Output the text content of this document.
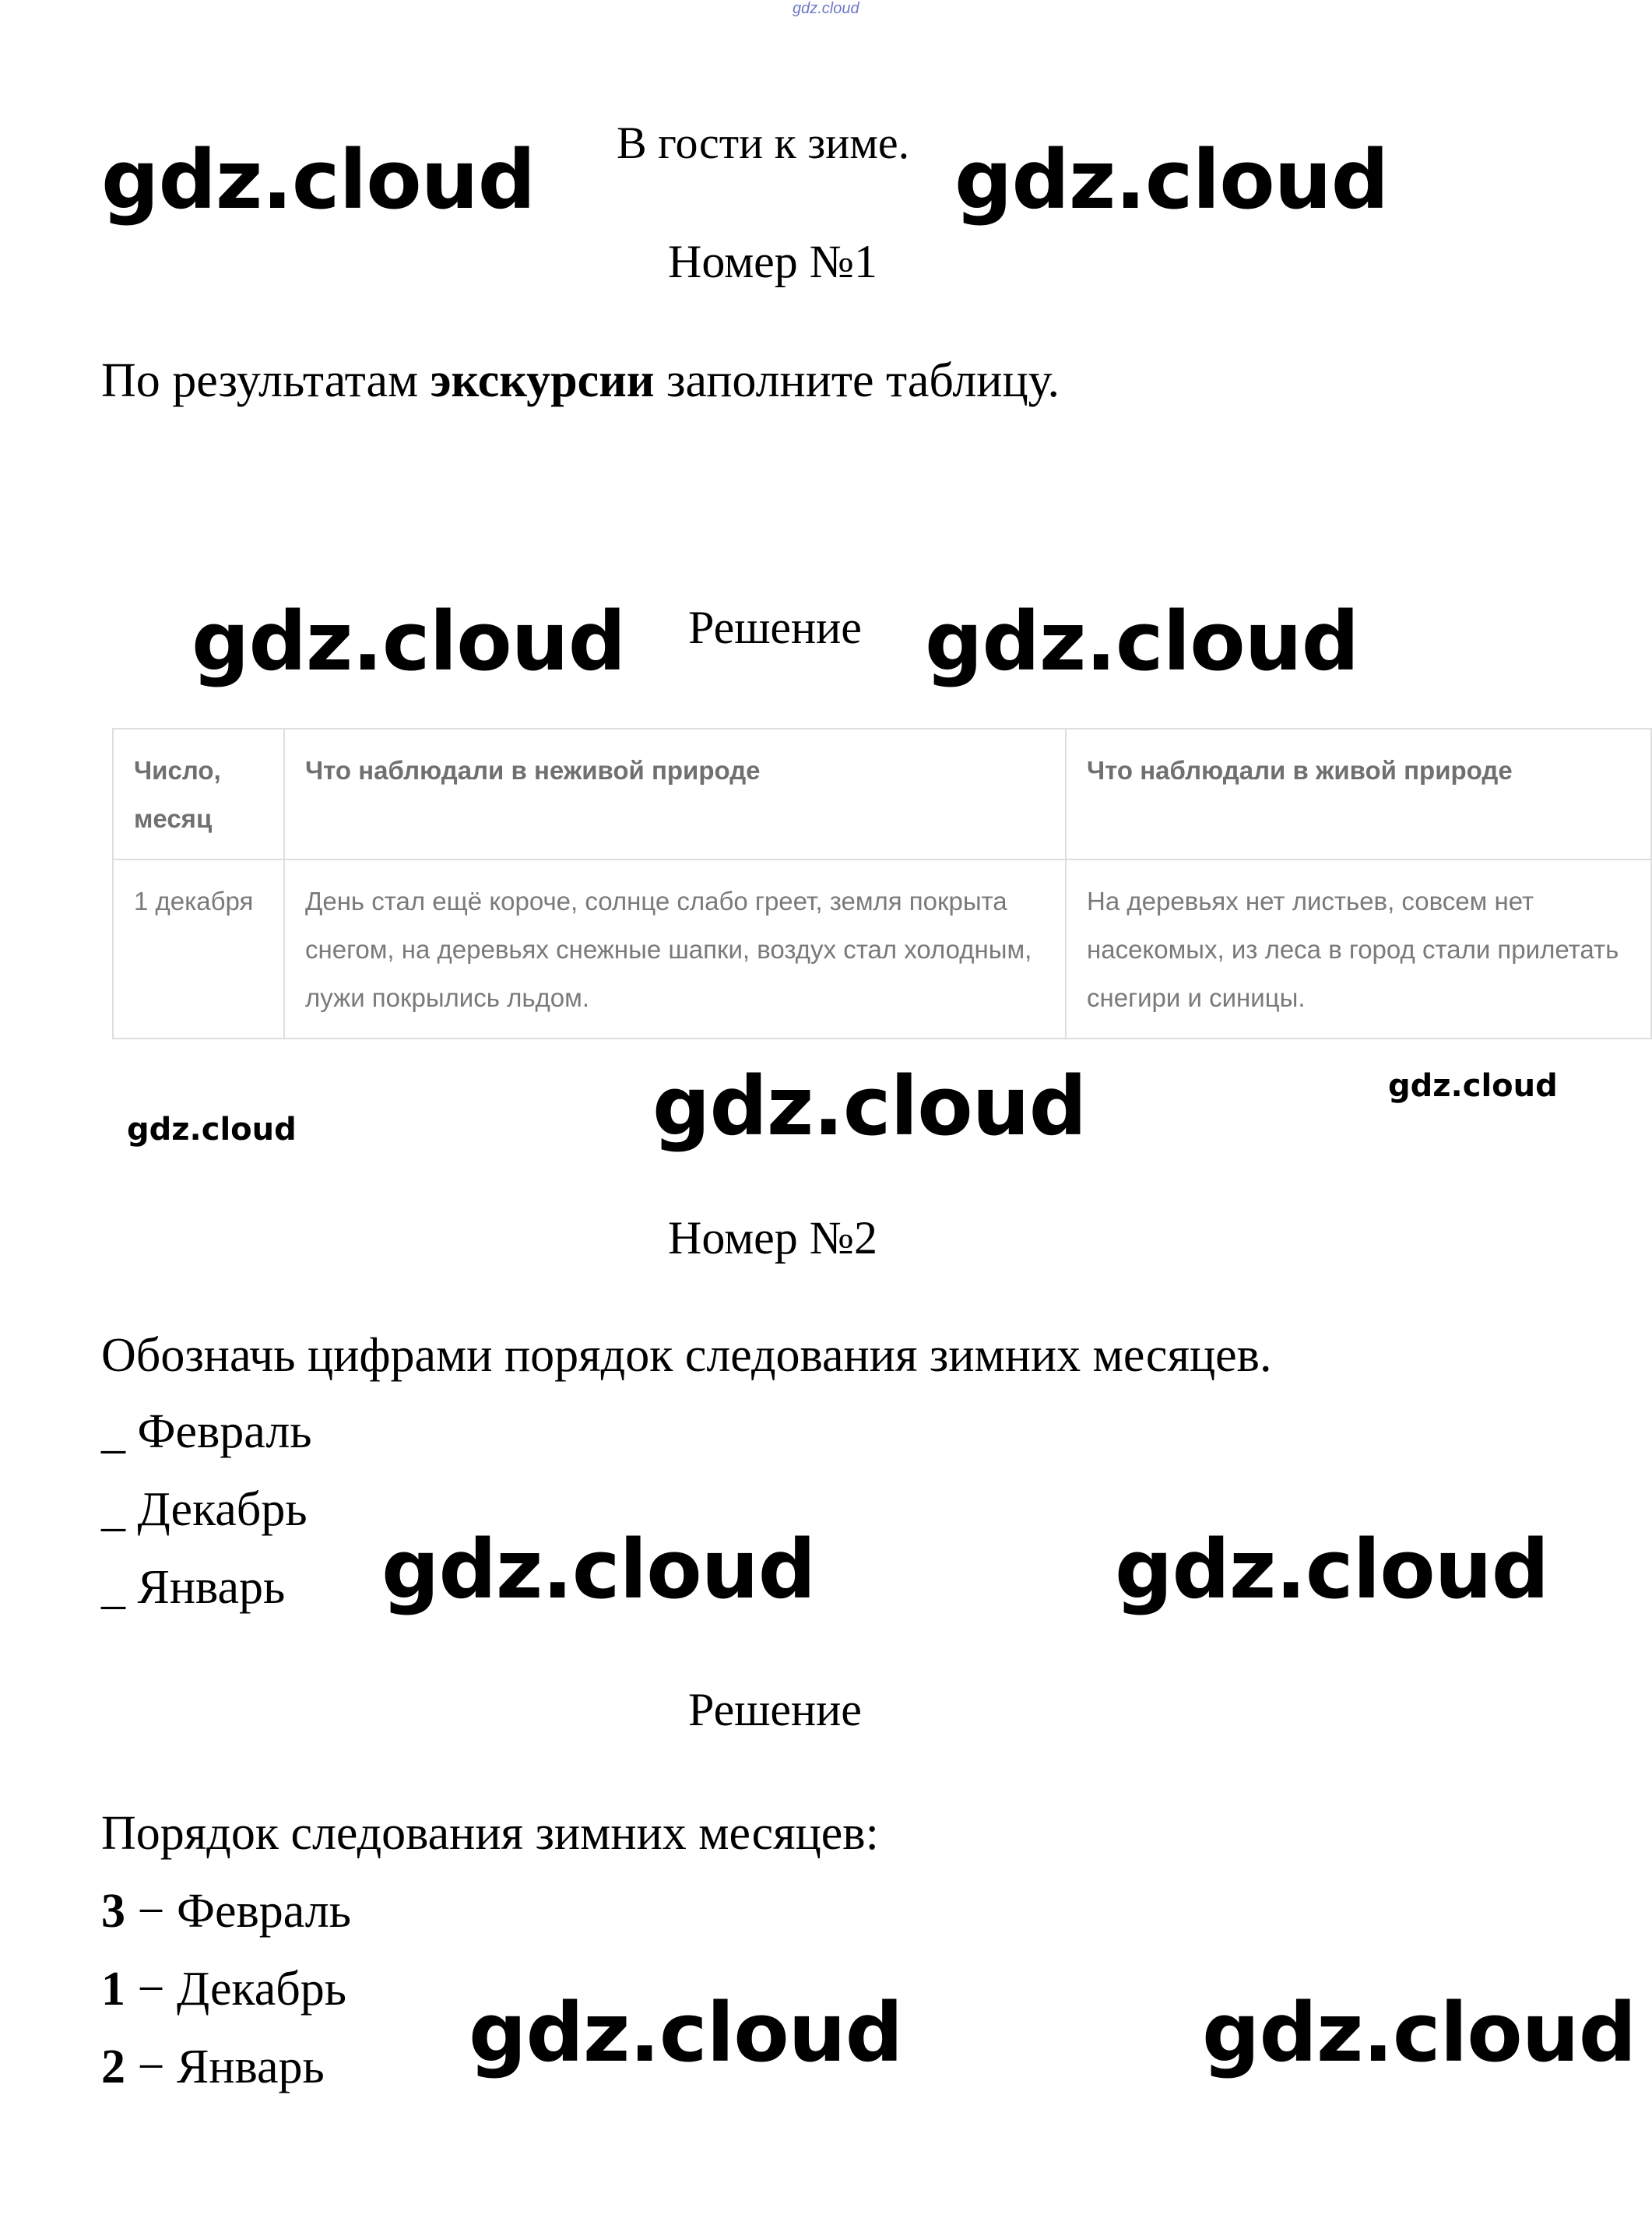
gdz.cloud
gdz.cloud В гости к зиме. gdz.cloud
Номер №1
По результатам экскурсии заполните таблицу.
gdz.cloud Решение gdz.cloud
Число, месяц	Что наблюдали в неживой природе	Что наблюдали в живой природе
1 декабря	День стал ещё короче, солнце слабо греет, земля покрыта снегом, на деревьях снежные шапки, воздух стал холодным, лужи покрылись льдом.	На деревьях нет листьев, совсем нет насекомых, из леса в город стали прилетать снегири и синицы.
gdz.cloud	gdz.cloud	gdz.cloud
Номер №2
Обозначь цифрами порядок следования зимних месяцев.
_ Февраль
_ Декабрь
_ Январь gdz.cloud	gdz.cloud
Решение
Порядок следования зимних месяцев:
3 − Февраль
1 − Декабрь
2 − Январь gdz.cloud	gdz.cloud
